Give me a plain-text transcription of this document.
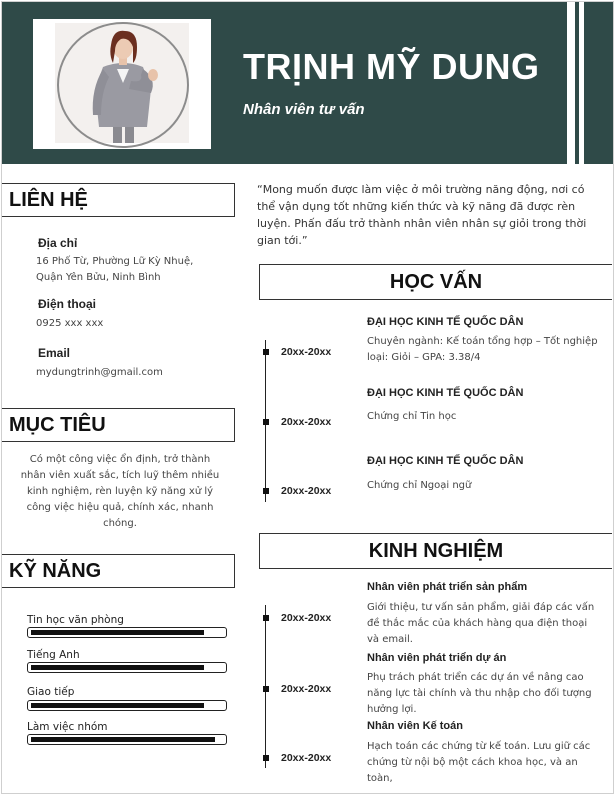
TRỊNH MỸ DUNG
Nhân viên tư vấn
LIÊN HỆ
Địa chỉ
16 Phố Từ, Phường Lữ Kỳ Nhuệ, Quận Yên Bửu, Ninh Bình
Điện thoại
0925 xxx xxx
Email
mydungtrinh@gmail.com
MỤC TIÊU
Có một công việc ổn định, trở thành nhân viên xuất sắc, tích luỹ thêm nhiều kinh nghiệm, rèn luyện kỹ năng xử lý công việc hiệu quả, chính xác, nhanh chóng.
KỸ NĂNG
Tin học văn phòng
Tiếng Anh
Giao tiếp
Làm việc nhóm
“Mong muốn được làm việc ở môi trường năng động, nơi có thể vận dụng tốt những kiến thức và kỹ năng đã được rèn luyện. Phấn đấu trở thành nhân viên nhân sự giỏi trong thời gian tới.”
HỌC VẤN
20xx-20xx
ĐẠI HỌC KINH TẾ QUỐC DÂN
Chuyên ngành: Kế toán tổng hợp – Tốt nghiệp loại: Giỏi – GPA: 3.38/4
20xx-20xx
ĐẠI HỌC KINH TẾ QUỐC DÂN
Chứng chỉ Tin học
20xx-20xx
ĐẠI HỌC KINH TẾ QUỐC DÂN
Chứng chỉ Ngoại ngữ
KINH NGHIỆM
20xx-20xx
Nhân viên phát triển sản phẩm
Giới thiệu, tư vấn sản phẩm, giải đáp các vấn đề thắc mắc của khách hàng qua điện thoại và email.
20xx-20xx
Nhân viên phát triển dự án
Phụ trách phát triển các dự án về nâng cao năng lực tài chính và thu nhập cho đối tượng hưởng lợi.
20xx-20xx
Nhân viên Kế toán
Hạch toán các chứng từ kế toán. Lưu giữ các chứng từ nội bộ một cách khoa học, và an toàn,
